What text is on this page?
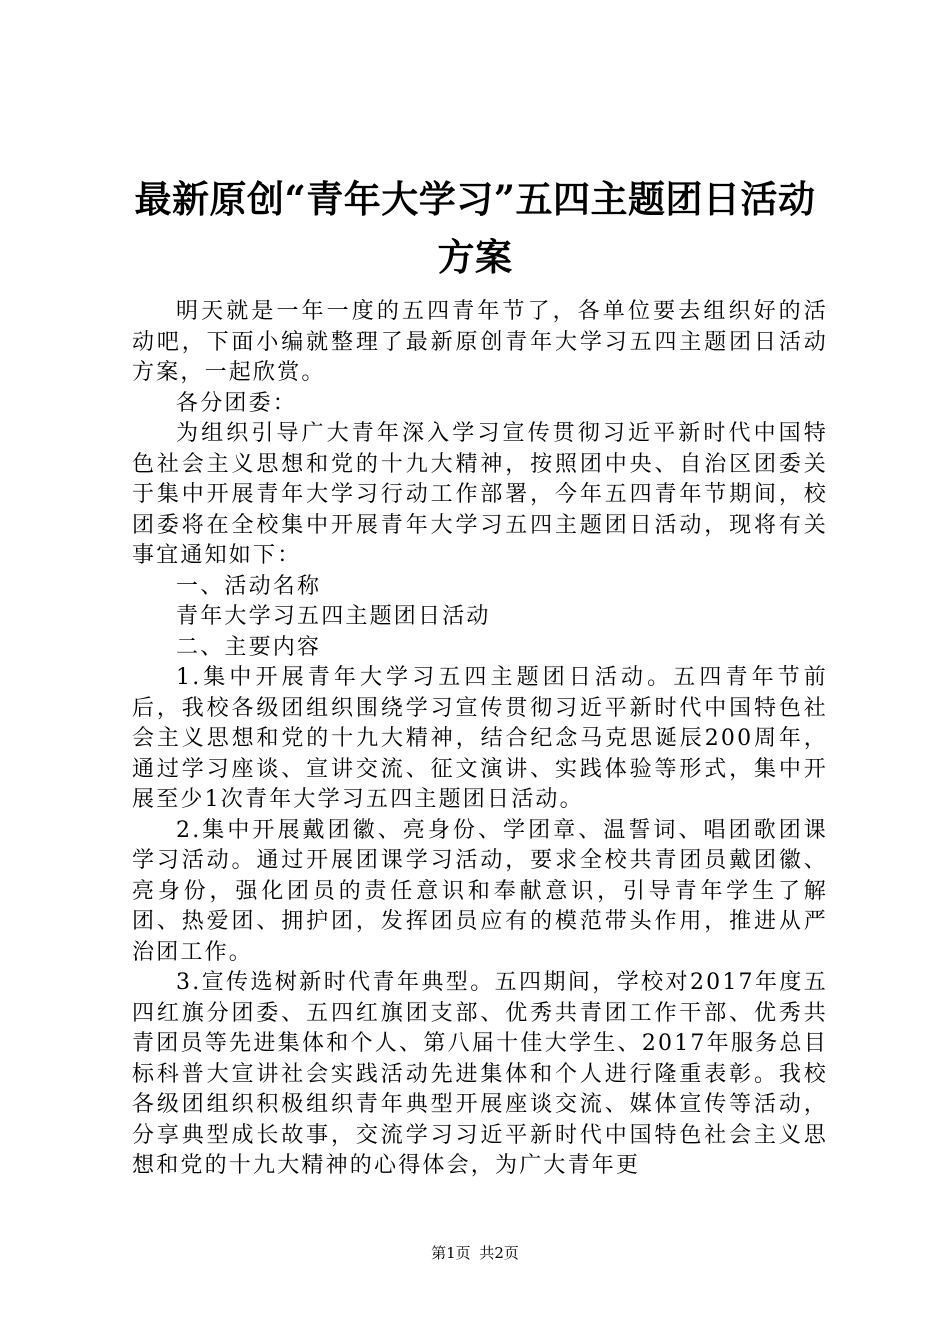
最新原创“青年大学习”五四主题团日活动方案

明天就是一年一度的五四青年节了，各单位要去组织好的活动吧，下面小编就整理了最新原创青年大学习五四主题团日活动方案，一起欣赏。

各分团委：

为组织引导广大青年深入学习宣传贯彻习近平新时代中国特色社会主义思想和党的十九大精神，按照团中央、自治区团委关于集中开展青年大学习行动工作部署，今年五四青年节期间，校团委将在全校集中开展青年大学习五四主题团日活动，现将有关事宜通知如下：

一、活动名称

青年大学习五四主题团日活动

二、主要内容

1.集中开展青年大学习五四主题团日活动。五四青年节前后，我校各级团组织围绕学习宣传贯彻习近平新时代中国特色社会主义思想和党的十九大精神，结合纪念马克思诞辰200周年，通过学习座谈、宣讲交流、征文演讲、实践体验等形式，集中开展至少1次青年大学习五四主题团日活动。

2.集中开展戴团徽、亮身份、学团章、温誓词、唱团歌团课学习活动。通过开展团课学习活动，要求全校共青团员戴团徽、亮身份，强化团员的责任意识和奉献意识，引导青年学生了解团、热爱团、拥护团，发挥团员应有的模范带头作用，推进从严治团工作。

3.宣传选树新时代青年典型。五四期间，学校对2017年度五四红旗分团委、五四红旗团支部、优秀共青团工作干部、优秀共青团员等先进集体和个人、第八届十佳大学生、2017年服务总目标科普大宣讲社会实践活动先进集体和个人进行隆重表彰。我校各级团组织积极组织青年典型开展座谈交流、媒体宣传等活动，分享典型成长故事，交流学习习近平新时代中国特色社会主义思想和党的十九大精神的心得体会，为广大青年更

第1页 共2页
